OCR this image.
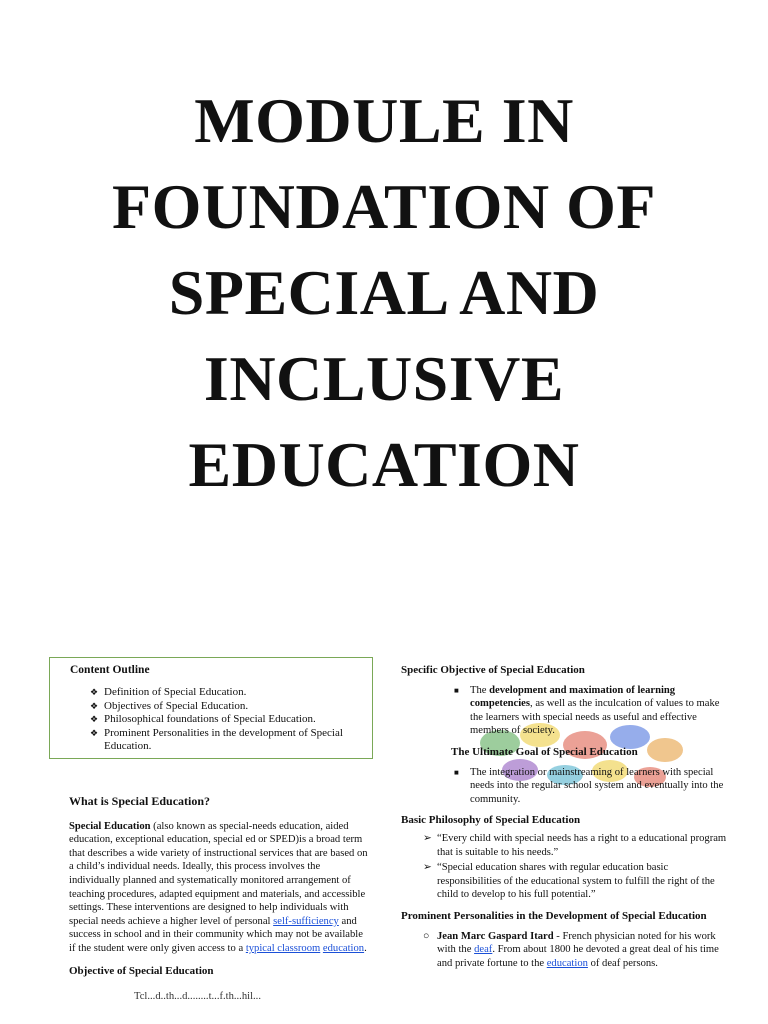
MODULE IN
FOUNDATION OF
SPECIAL AND
INCLUSIVE
EDUCATION
Content Outline
❖ Definition of Special Education.
❖ Objectives of Special Education.
❖ Philosophical foundations of Special Education.
❖ Prominent Personalities in the development of Special Education.
What is Special Education?
Special Education (also known as special-needs education, aided education, exceptional education, special ed or SPED)is a broad term that describes a wide variety of instructional services that are based on a child’s individual needs. Ideally, this process involves the individually planned and systematically monitored arrangement of teaching procedures, adapted equipment and materials, and accessible settings. These interventions are designed to help individuals with special needs achieve a higher level of personal self-sufficiency and success in school and in their community which may not be available if the student were only given access to a typical classroom education.
Objective of Special Education
Tcl...d..th...d........t...f.th...hil...

Specific Objective of Special Education

■ The development and maximation of learning competencies, as well as the inculcation of values to make the learners with special needs as useful and effective members of society.

The Ultimate Goal of Special Education

■ The integration or mainstreaming of learners with special needs into the regular school system and eventually into the community.

Basic Philosophy of Special Education

➢ “Every child with special needs has a right to a educational program that is suitable to his needs.”
➢ “Special education shares with regular education basic responsibilities of the educational system to fulfill the right of the child to develop to his full potential.”

Prominent Personalities in the Development of Special Education

○ Jean Marc Gaspard Itard - French physician noted for his work with the deaf. From about 1800 he devoted a great deal of his time and private fortune to the education of deaf persons.
